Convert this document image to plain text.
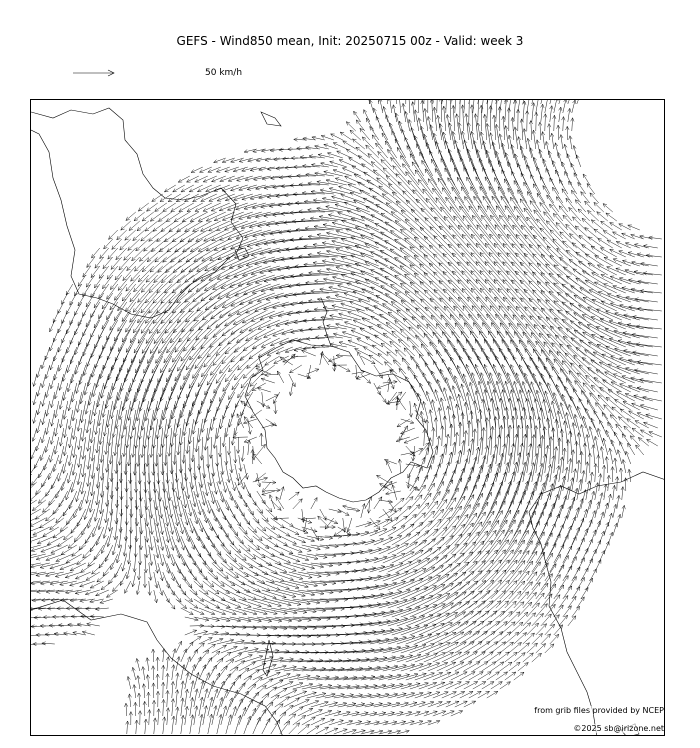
GEFS - Wind850 mean, Init: 20250715 00z - Valid: week 3
50 km/h
from grib files provided by NCEP
©2025 sb@irizone.net
